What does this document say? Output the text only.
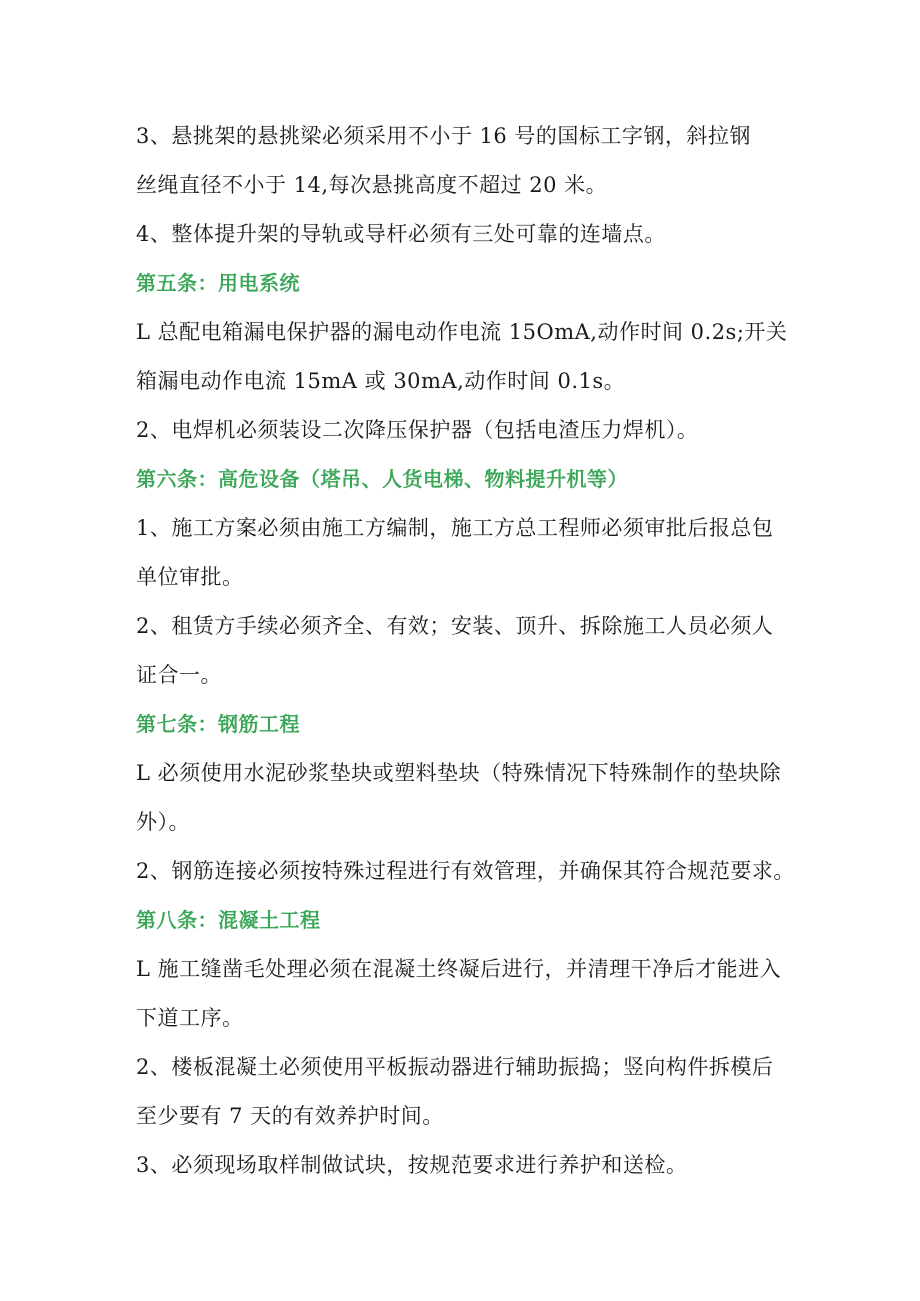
3、悬挑架的悬挑梁必须采用不小于 16 号的国标工字钢，斜拉钢
丝绳直径不小于 14,每次悬挑高度不超过 20 米。
4、整体提升架的导轨或导杆必须有三处可靠的连墙点。
第五条：用电系统
L 总配电箱漏电保护器的漏电动作电流 15OmA,动作时间 0.2s;开关
箱漏电动作电流 15mA 或 30mA,动作时间 0.1s。
2、电焊机必须装设二次降压保护器（包括电渣压力焊机）。
第六条：高危设备（塔吊、人货电梯、物料提升机等）
1、施工方案必须由施工方编制，施工方总工程师必须审批后报总包
单位审批。
2、租赁方手续必须齐全、有效；安装、顶升、拆除施工人员必须人
证合一。
第七条：钢筋工程
L 必须使用水泥砂浆垫块或塑料垫块（特殊情况下特殊制作的垫块除
外）。
2、钢筋连接必须按特殊过程进行有效管理，并确保其符合规范要求。
第八条：混凝土工程
L 施工缝凿毛处理必须在混凝土终凝后进行，并清理干净后才能进入
下道工序。
2、楼板混凝土必须使用平板振动器进行辅助振捣；竖向构件拆模后
至少要有 7 天的有效养护时间。
3、必须现场取样制做试块，按规范要求进行养护和送检。
